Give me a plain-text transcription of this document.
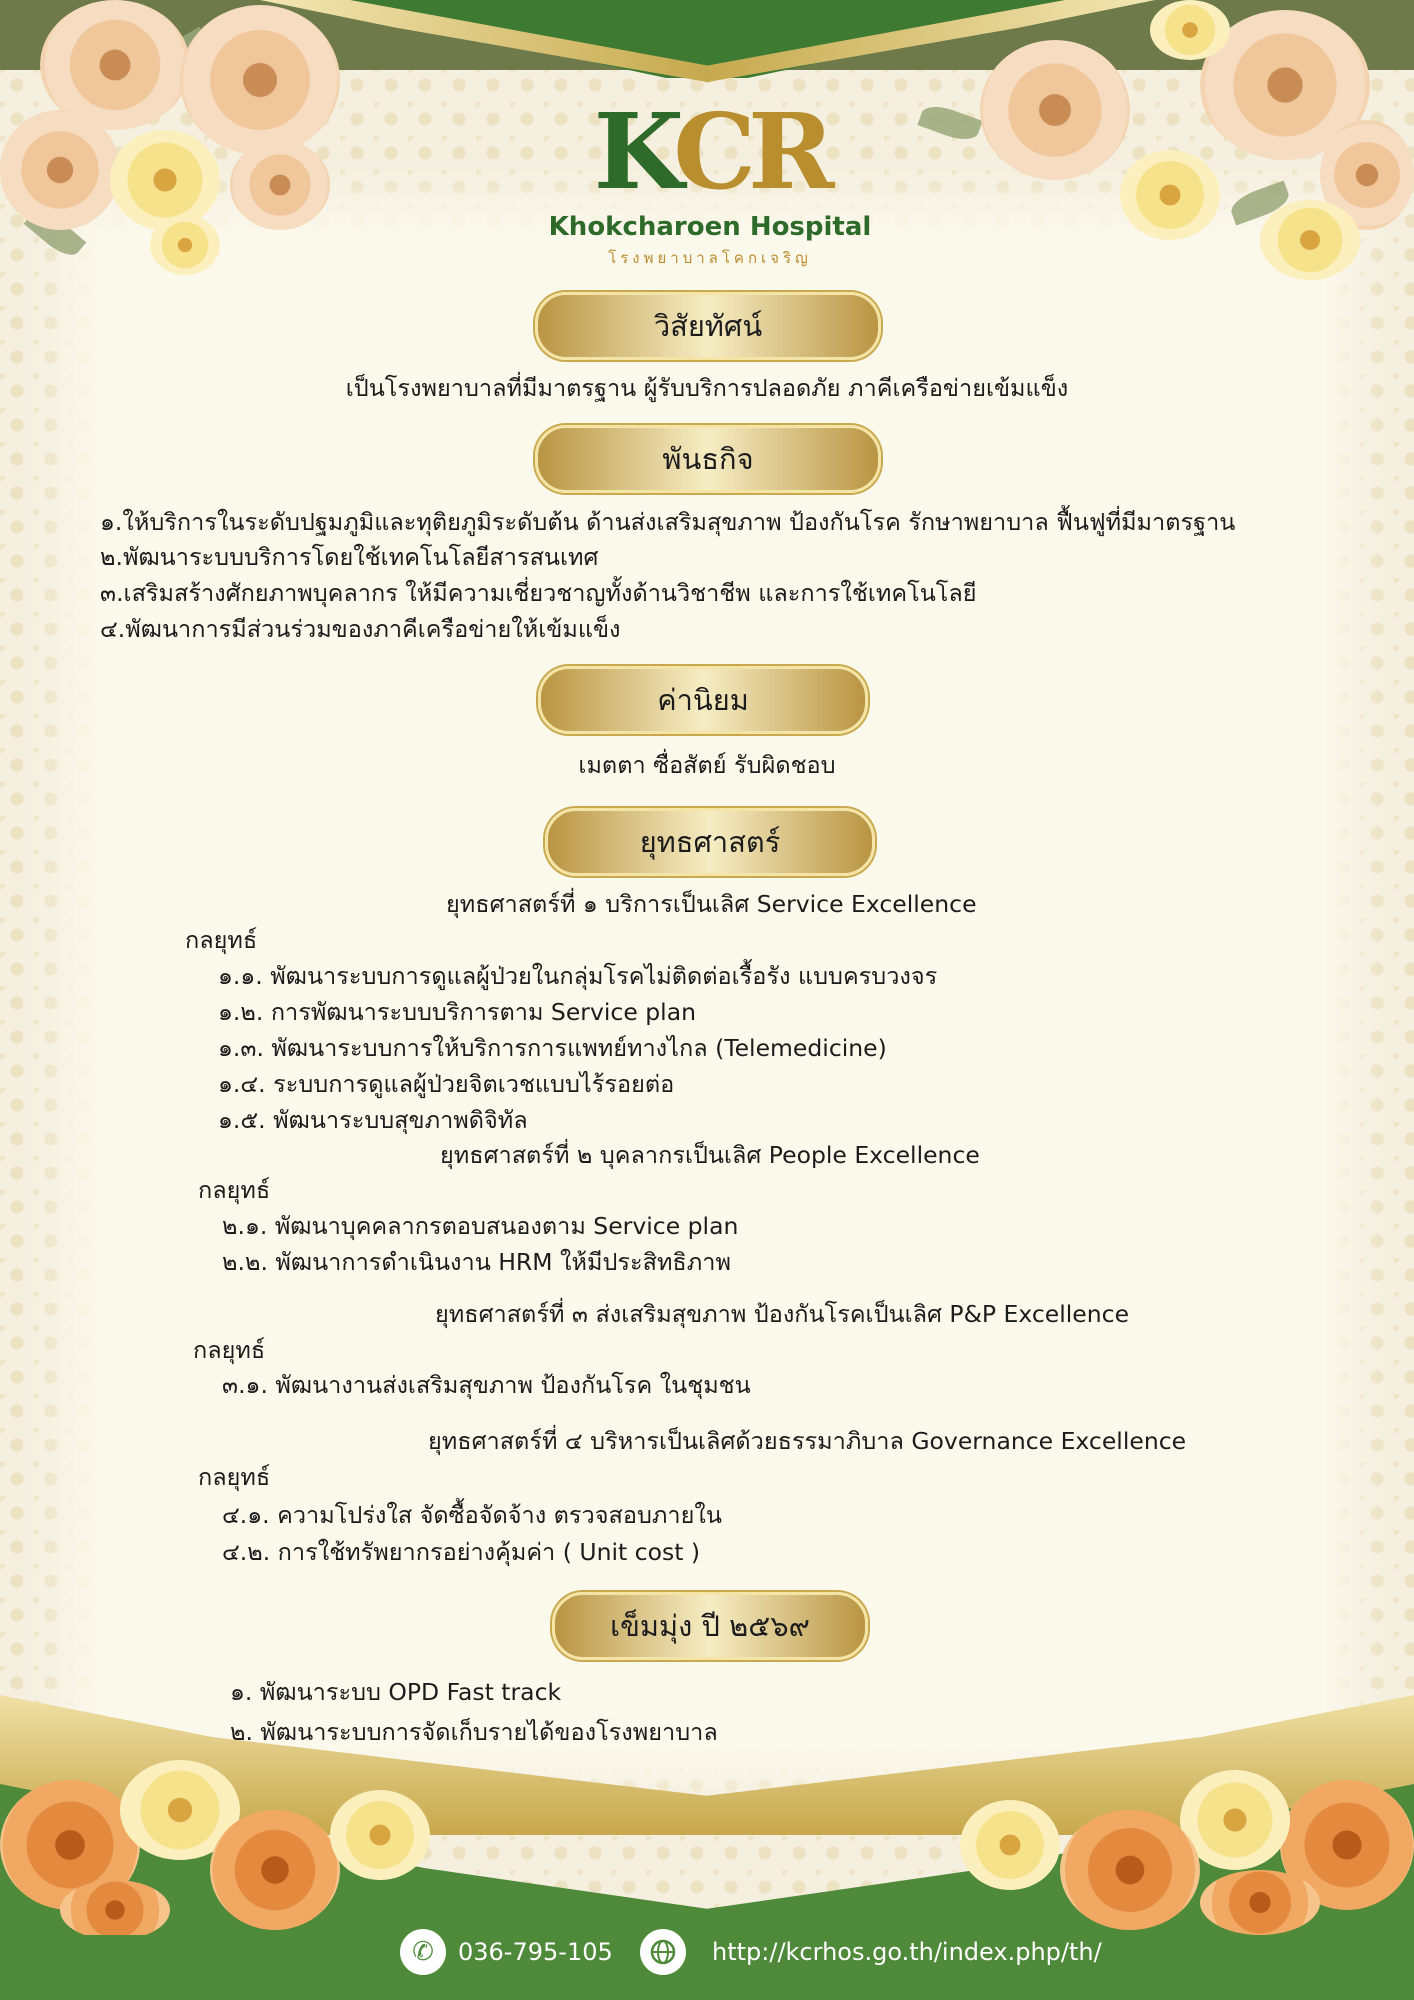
KCR
Khokcharoen Hospital
โรงพยาบาลโคกเจริญ
วิสัยทัศน์
เป็นโรงพยาบาลที่มีมาตรฐาน ผู้รับบริการปลอดภัย ภาคีเครือข่ายเข้มแข็ง
พันธกิจ
๑.ให้บริการในระดับปฐมภูมิและทุติยภูมิระดับต้น ด้านส่งเสริมสุขภาพ ป้องกันโรค รักษาพยาบาล ฟื้นฟูที่มีมาตรฐาน
๒.พัฒนาระบบบริการโดยใช้เทคโนโลยีสารสนเทศ
๓.เสริมสร้างศักยภาพบุคลากร ให้มีความเชี่ยวชาญทั้งด้านวิชาชีพ และการใช้เทคโนโลยี
๔.พัฒนาการมีส่วนร่วมของภาคีเครือข่ายให้เข้มแข็ง
ค่านิยม
เมตตา ซื่อสัตย์ รับผิดชอบ
ยุทธศาสตร์
ยุทธศาสตร์ที่ ๑ บริการเป็นเลิศ Service Excellence
กลยุทธ์
๑.๑. พัฒนาระบบการดูแลผู้ป่วยในกลุ่มโรคไม่ติดต่อเรื้อรัง แบบครบวงจร
๑.๒. การพัฒนาระบบบริการตาม Service plan
๑.๓. พัฒนาระบบการให้บริการการแพทย์ทางไกล (Telemedicine)
๑.๔. ระบบการดูแลผู้ป่วยจิตเวชแบบไร้รอยต่อ
๑.๕. พัฒนาระบบสุขภาพดิจิทัล
ยุทธศาสตร์ที่ ๒ บุคลากรเป็นเลิศ People Excellence
กลยุทธ์
๒.๑. พัฒนาบุคคลากรตอบสนองตาม Service plan
๒.๒. พัฒนาการดำเนินงาน HRM ให้มีประสิทธิภาพ
ยุทธศาสตร์ที่ ๓ ส่งเสริมสุขภาพ ป้องกันโรคเป็นเลิศ P&P Excellence
กลยุทธ์
๓.๑. พัฒนางานส่งเสริมสุขภาพ ป้องกันโรค ในชุมชน
ยุทธศาสตร์ที่ ๔ บริหารเป็นเลิศด้วยธรรมาภิบาล Governance Excellence
กลยุทธ์
๔.๑. ความโปร่งใส จัดซื้อจัดจ้าง ตรวจสอบภายใน
๔.๒. การใช้ทรัพยากรอย่างคุ้มค่า ( Unit cost )
เข็มมุ่ง ปี ๒๕๖๙
๑. พัฒนาระบบ OPD Fast track
๒. พัฒนาระบบการจัดเก็บรายได้ของโรงพยาบาล
✆	036-795-105	http://kcrhos.go.th/index.php/th/
